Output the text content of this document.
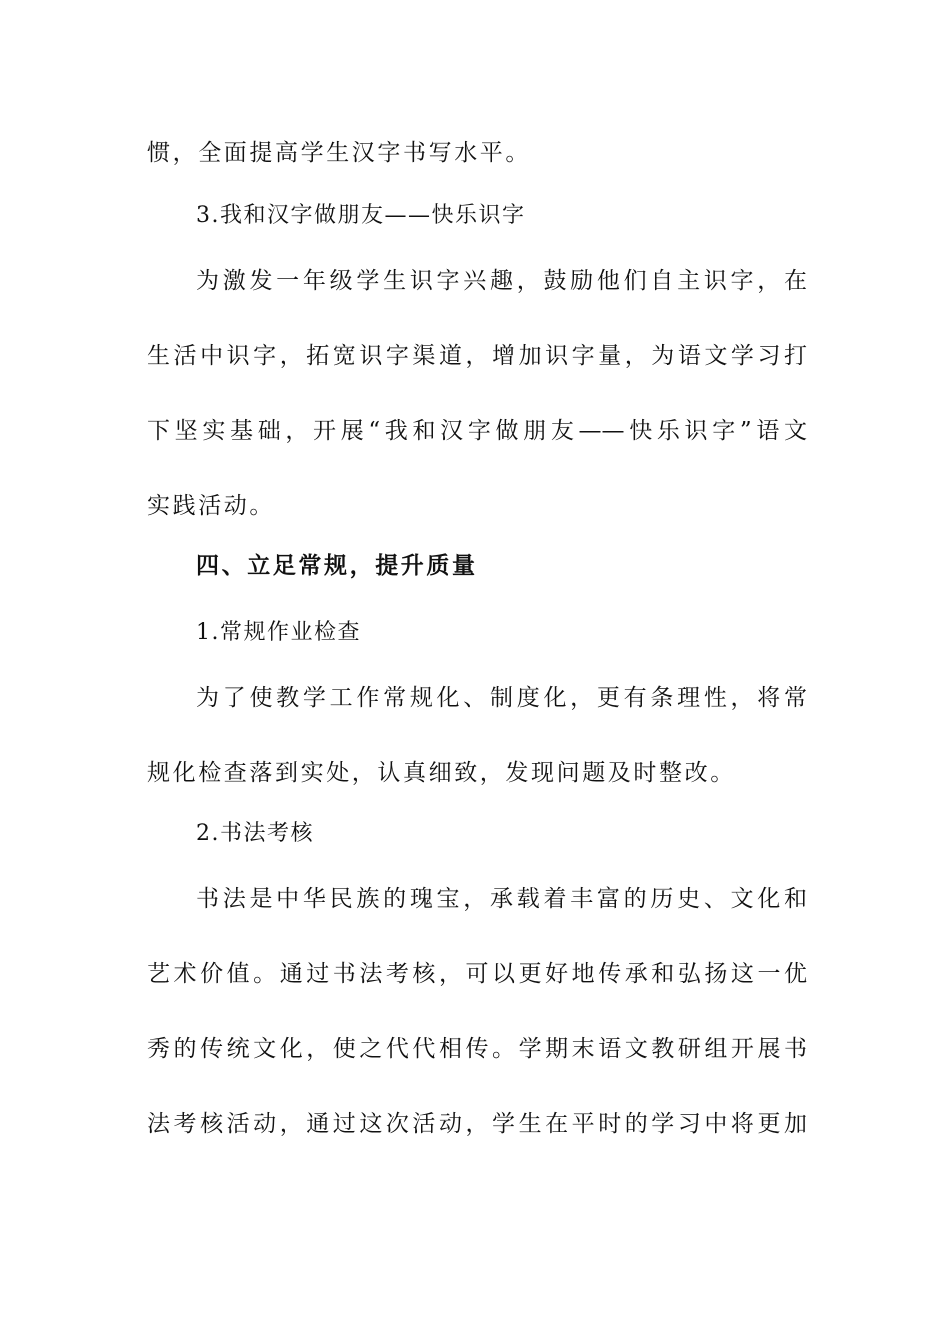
惯，全面提高学生汉字书写水平。
3.我和汉字做朋友——快乐识字
为激发一年级学生识字兴趣，鼓励他们自主识字，在
生活中识字，拓宽识字渠道，增加识字量，为语文学习打
下坚实基础，开展“我和汉字做朋友——快乐识字”语文
实践活动。
四、立足常规，提升质量
1.常规作业检查
为了使教学工作常规化、制度化，更有条理性，将常
规化检查落到实处，认真细致，发现问题及时整改。
2.书法考核
书法是中华民族的瑰宝，承载着丰富的历史、文化和
艺术价值。通过书法考核，可以更好地传承和弘扬这一优
秀的传统文化，使之代代相传。学期末语文教研组开展书
法考核活动，通过这次活动，学生在平时的学习中将更加
